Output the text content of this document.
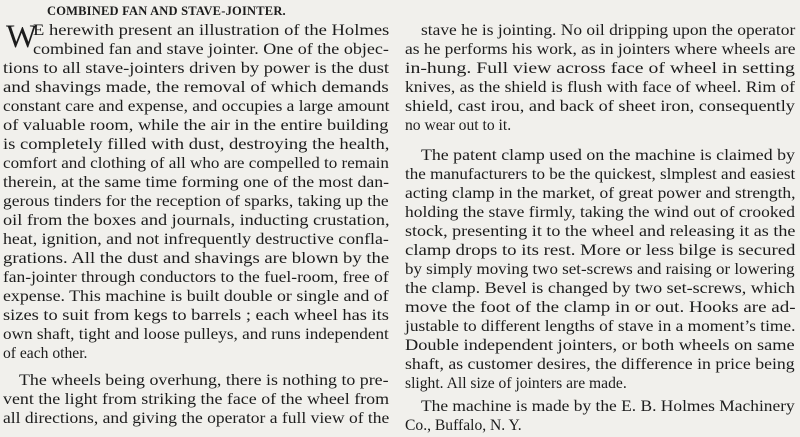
COMBINED FAN AND STAVE-JOINTER.
W
E herewith present an illustration of the Holmes
combined fan and stave jointer. One of the objec-
tions to all stave-jointers driven by power is the dust
and shavings made, the removal of which demands
constant care and expense, and occupies a large amount
of valuable room, while the air in the entire building
is completely filled with dust, destroying the health,
comfort and clothing of all who are compelled to remain
therein, at the same time forming one of the most dan-
gerous tinders for the reception of sparks, taking up the
oil from the boxes and journals, inducting crustation,
heat, ignition, and not infrequently destructive confla-
grations. All the dust and shavings are blown by the
fan-jointer through conductors to the fuel-room, free of
expense. This machine is built double or single and of
sizes to suit from kegs to barrels ; each wheel has its
own shaft, tight and loose pulleys, and runs independent
of each other.
The wheels being overhung, there is nothing to pre-
vent the light from striking the face of the wheel from
all directions, and giving the operator a full view of the
stave he is jointing. No oil dripping upon the operator
as he performs his work, as in jointers where wheels are
in-hung. Full view across face of wheel in setting
knives, as the shield is flush with face of wheel. Rim of
shield, cast irou, and back of sheet iron, consequently
no wear out to it.
The patent clamp used on the machine is claimed by
the manufacturers to be the quickest, slmplest and easiest
acting clamp in the market, of great power and strength,
holding the stave firmly, taking the wind out of crooked
stock, presenting it to the wheel and releasing it as the
clamp drops to its rest. More or less bilge is secured
by simply moving two set-screws and raising or lowering
the clamp. Bevel is changed by two set-screws, which
move the foot of the clamp in or out. Hooks are ad-
justable to different lengths of stave in a moment’s time.
Double independent jointers, or both wheels on same
shaft, as customer desires, the difference in price being
slight. All size of jointers are made.
The machine is made by the E. B. Holmes Machinery
Co., Buffalo, N. Y.
